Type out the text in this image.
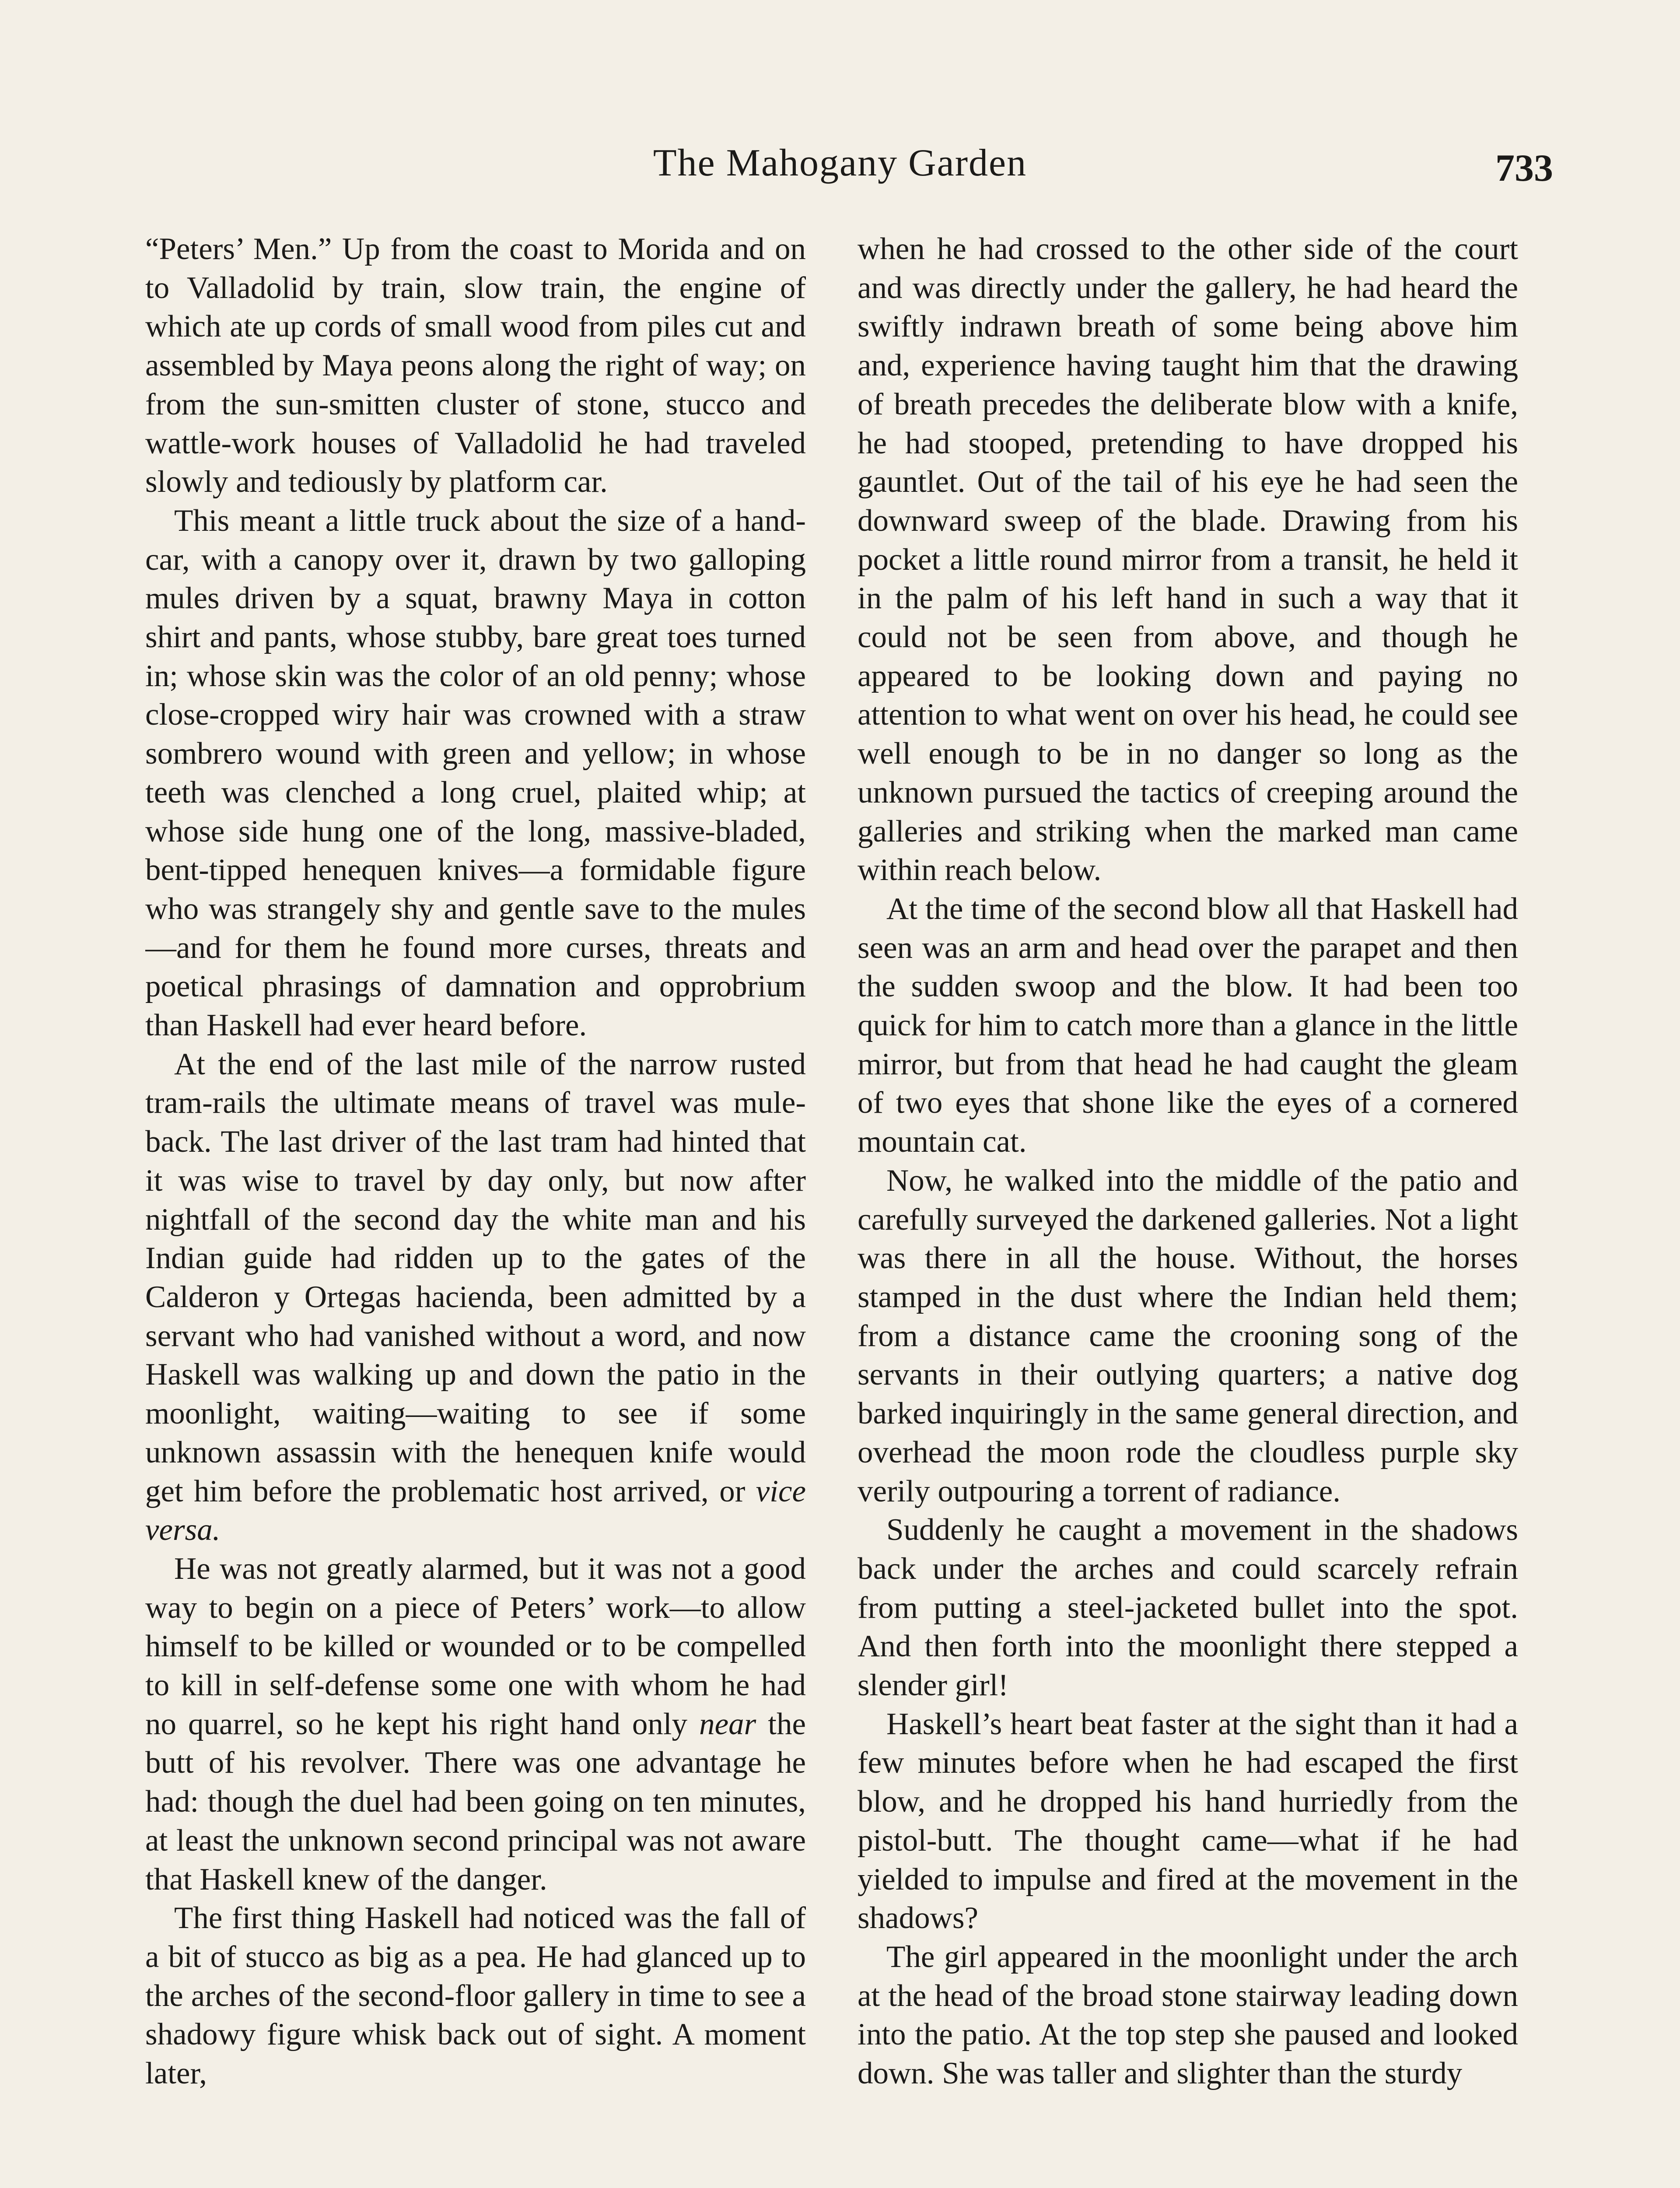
The Mahogany Garden	733

“Peters’ Men.” Up from the coast to Morida and on to Valladolid by train, slow train, the engine of which ate up cords of small wood from piles cut and assembled by Maya peons along the right of way; on from the sun-smitten cluster of stone, stucco and wattle-work houses of Valladolid he had traveled slowly and tediously by platform car.

This meant a little truck about the size of a hand-car, with a canopy over it, drawn by two galloping mules driven by a squat, brawny Maya in cotton shirt and pants, whose stubby, bare great toes turned in; whose skin was the color of an old penny; whose close-cropped wiry hair was crowned with a straw sombrero wound with green and yellow; in whose teeth was clenched a long cruel, plaited whip; at whose side hung one of the long, massive-bladed, bent-tipped henequen knives—a formidable figure who was strangely shy and gentle save to the mules—and for them he found more curses, threats and poetical phrasings of damnation and opprobrium than Haskell had ever heard before.

At the end of the last mile of the narrow rusted tram-rails the ultimate means of travel was mule-back. The last driver of the last tram had hinted that it was wise to travel by day only, but now after nightfall of the second day the white man and his Indian guide had ridden up to the gates of the Calderon y Ortegas hacienda, been admitted by a servant who had vanished without a word, and now Haskell was walking up and down the patio in the moonlight, waiting—waiting to see if some unknown assassin with the henequen knife would get him before the problematic host arrived, or vice versa.

He was not greatly alarmed, but it was not a good way to begin on a piece of Peters’ work—to allow himself to be killed or wounded or to be compelled to kill in self-defense some one with whom he had no quarrel, so he kept his right hand only near the butt of his revolver. There was one advantage he had: though the duel had been going on ten minutes, at least the unknown second principal was not aware that Haskell knew of the danger.

The first thing Haskell had noticed was the fall of a bit of stucco as big as a pea. He had glanced up to the arches of the second-floor gallery in time to see a shadowy figure whisk back out of sight. A moment later,

when he had crossed to the other side of the court and was directly under the gallery, he had heard the swiftly indrawn breath of some being above him and, experience having taught him that the drawing of breath precedes the deliberate blow with a knife, he had stooped, pretending to have dropped his gauntlet. Out of the tail of his eye he had seen the downward sweep of the blade. Drawing from his pocket a little round mirror from a transit, he held it in the palm of his left hand in such a way that it could not be seen from above, and though he appeared to be looking down and paying no attention to what went on over his head, he could see well enough to be in no danger so long as the unknown pursued the tactics of creeping around the galleries and striking when the marked man came within reach below.

At the time of the second blow all that Haskell had seen was an arm and head over the parapet and then the sudden swoop and the blow. It had been too quick for him to catch more than a glance in the little mirror, but from that head he had caught the gleam of two eyes that shone like the eyes of a cornered mountain cat.

Now, he walked into the middle of the patio and carefully surveyed the darkened galleries. Not a light was there in all the house. Without, the horses stamped in the dust where the Indian held them; from a distance came the crooning song of the servants in their outlying quarters; a native dog barked inquiringly in the same general direction, and overhead the moon rode the cloudless purple sky verily outpouring a torrent of radiance.

Suddenly he caught a movement in the shadows back under the arches and could scarcely refrain from putting a steel-jacketed bullet into the spot. And then forth into the moonlight there stepped a slender girl!

Haskell’s heart beat faster at the sight than it had a few minutes before when he had escaped the first blow, and he dropped his hand hurriedly from the pistol-butt. The thought came—what if he had yielded to impulse and fired at the movement in the shadows?

The girl appeared in the moonlight under the arch at the head of the broad stone stairway leading down into the patio. At the top step she paused and looked down. She was taller and slighter than the sturdy
